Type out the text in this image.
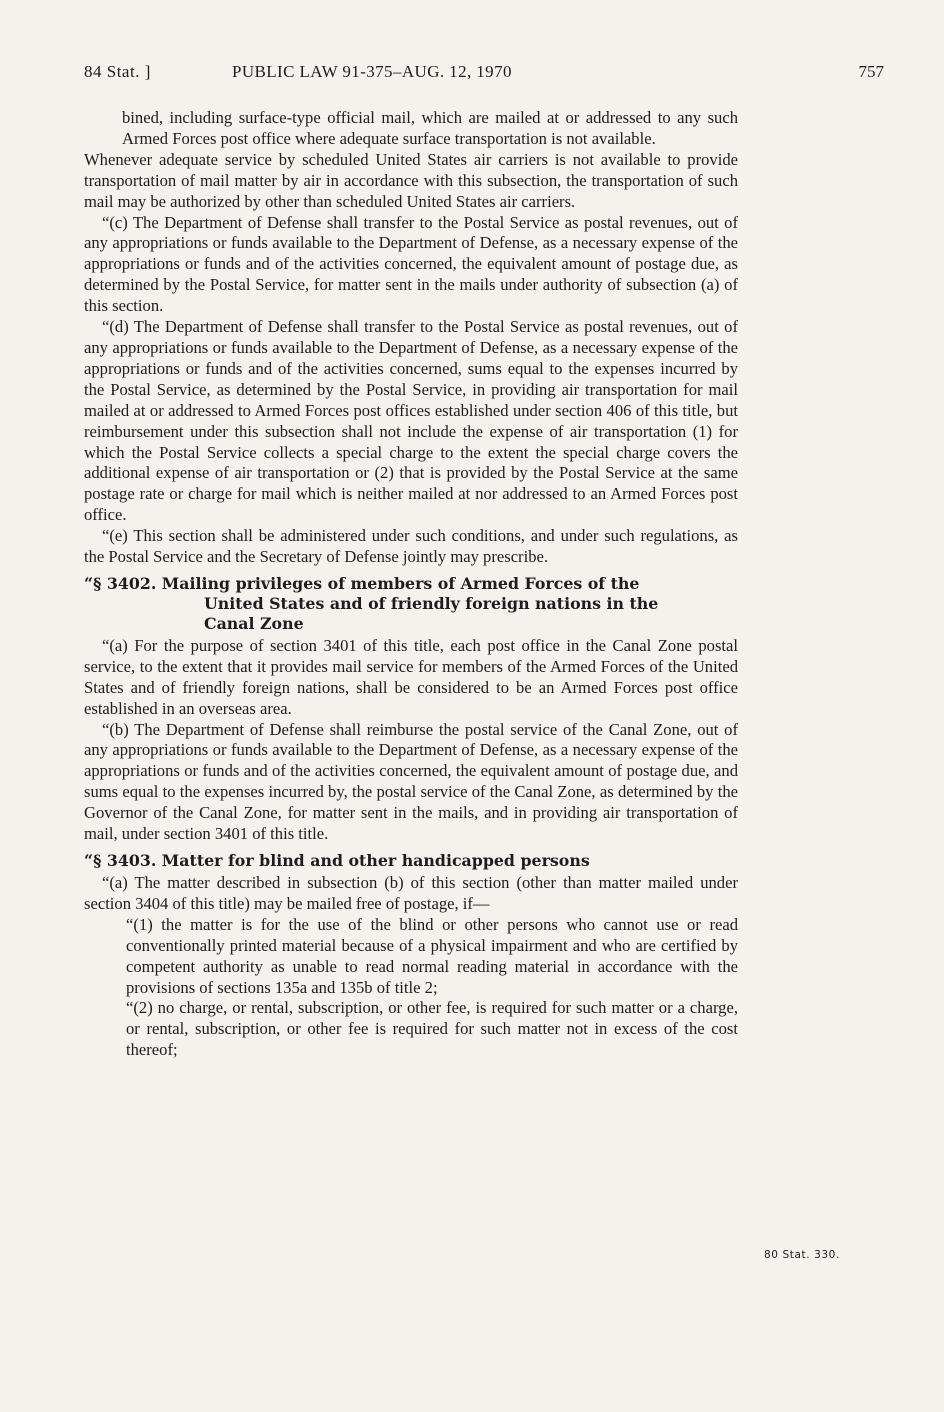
84 Stat. ]	PUBLIC LAW 91-375–AUG. 12, 1970	757

bined, including surface-type official mail, which are mailed at or addressed to any such Armed Forces post office where adequate surface transportation is not available.

Whenever adequate service by scheduled United States air carriers is not available to provide transportation of mail matter by air in accordance with this subsection, the transportation of such mail may be authorized by other than scheduled United States air carriers.

“(c) The Department of Defense shall transfer to the Postal Service as postal revenues, out of any appropriations or funds available to the Department of Defense, as a necessary expense of the appropriations or funds and of the activities concerned, the equivalent amount of postage due, as determined by the Postal Service, for matter sent in the mails under authority of subsection (a) of this section.

“(d) The Department of Defense shall transfer to the Postal Service as postal revenues, out of any appropriations or funds available to the Department of Defense, as a necessary expense of the appropriations or funds and of the activities concerned, sums equal to the expenses incurred by the Postal Service, as determined by the Postal Service, in providing air transportation for mail mailed at or addressed to Armed Forces post offices established under section 406 of this title, but reimbursement under this subsection shall not include the expense of air transportation (1) for which the Postal Service collects a special charge to the extent the special charge covers the additional expense of air transportation or (2) that is provided by the Postal Service at the same postage rate or charge for mail which is neither mailed at nor addressed to an Armed Forces post office.

“(e) This section shall be administered under such conditions, and under such regulations, as the Postal Service and the Secretary of Defense jointly may prescribe.

“§ 3402. Mailing privileges of members of Armed Forces of the
United States and of friendly foreign nations in the
Canal Zone

“(a) For the purpose of section 3401 of this title, each post office in the Canal Zone postal service, to the extent that it provides mail service for members of the Armed Forces of the United States and of friendly foreign nations, shall be considered to be an Armed Forces post office established in an overseas area.

“(b) The Department of Defense shall reimburse the postal service of the Canal Zone, out of any appropriations or funds available to the Department of Defense, as a necessary expense of the appropriations or funds and of the activities concerned, the equivalent amount of postage due, and sums equal to the expenses incurred by, the postal service of the Canal Zone, as determined by the Governor of the Canal Zone, for matter sent in the mails, and in providing air transportation of mail, under section 3401 of this title.

“§ 3403. Matter for blind and other handicapped persons

“(a) The matter described in subsection (b) of this section (other than matter mailed under section 3404 of this title) may be mailed free of postage, if—

“(1) the matter is for the use of the blind or other persons who cannot use or read conventionally printed material because of a physical impairment and who are certified by competent authority as unable to read normal reading material in accordance with the provisions of sections 135a and 135b of title 2;

“(2) no charge, or rental, subscription, or other fee, is required for such matter or a charge, or rental, subscription, or other fee is required for such matter not in excess of the cost thereof;

80 Stat. 330.
